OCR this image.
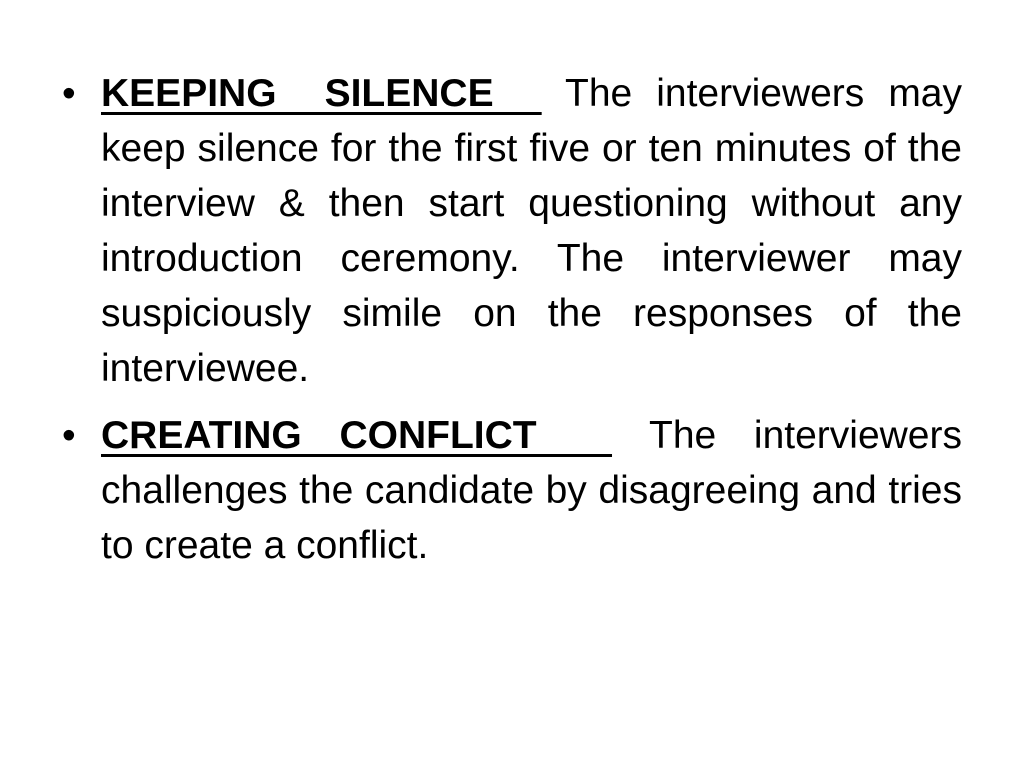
• KEEPING  SILENCE   The interviewers may keep silence for the first five or ten minutes of the interview & then start questioning without any introduction ceremony. The interviewer may suspiciously simile on the responses of the interviewee.
• CREATING CONFLICT   The interviewers challenges the candidate by disagreeing and tries to create a conflict.
